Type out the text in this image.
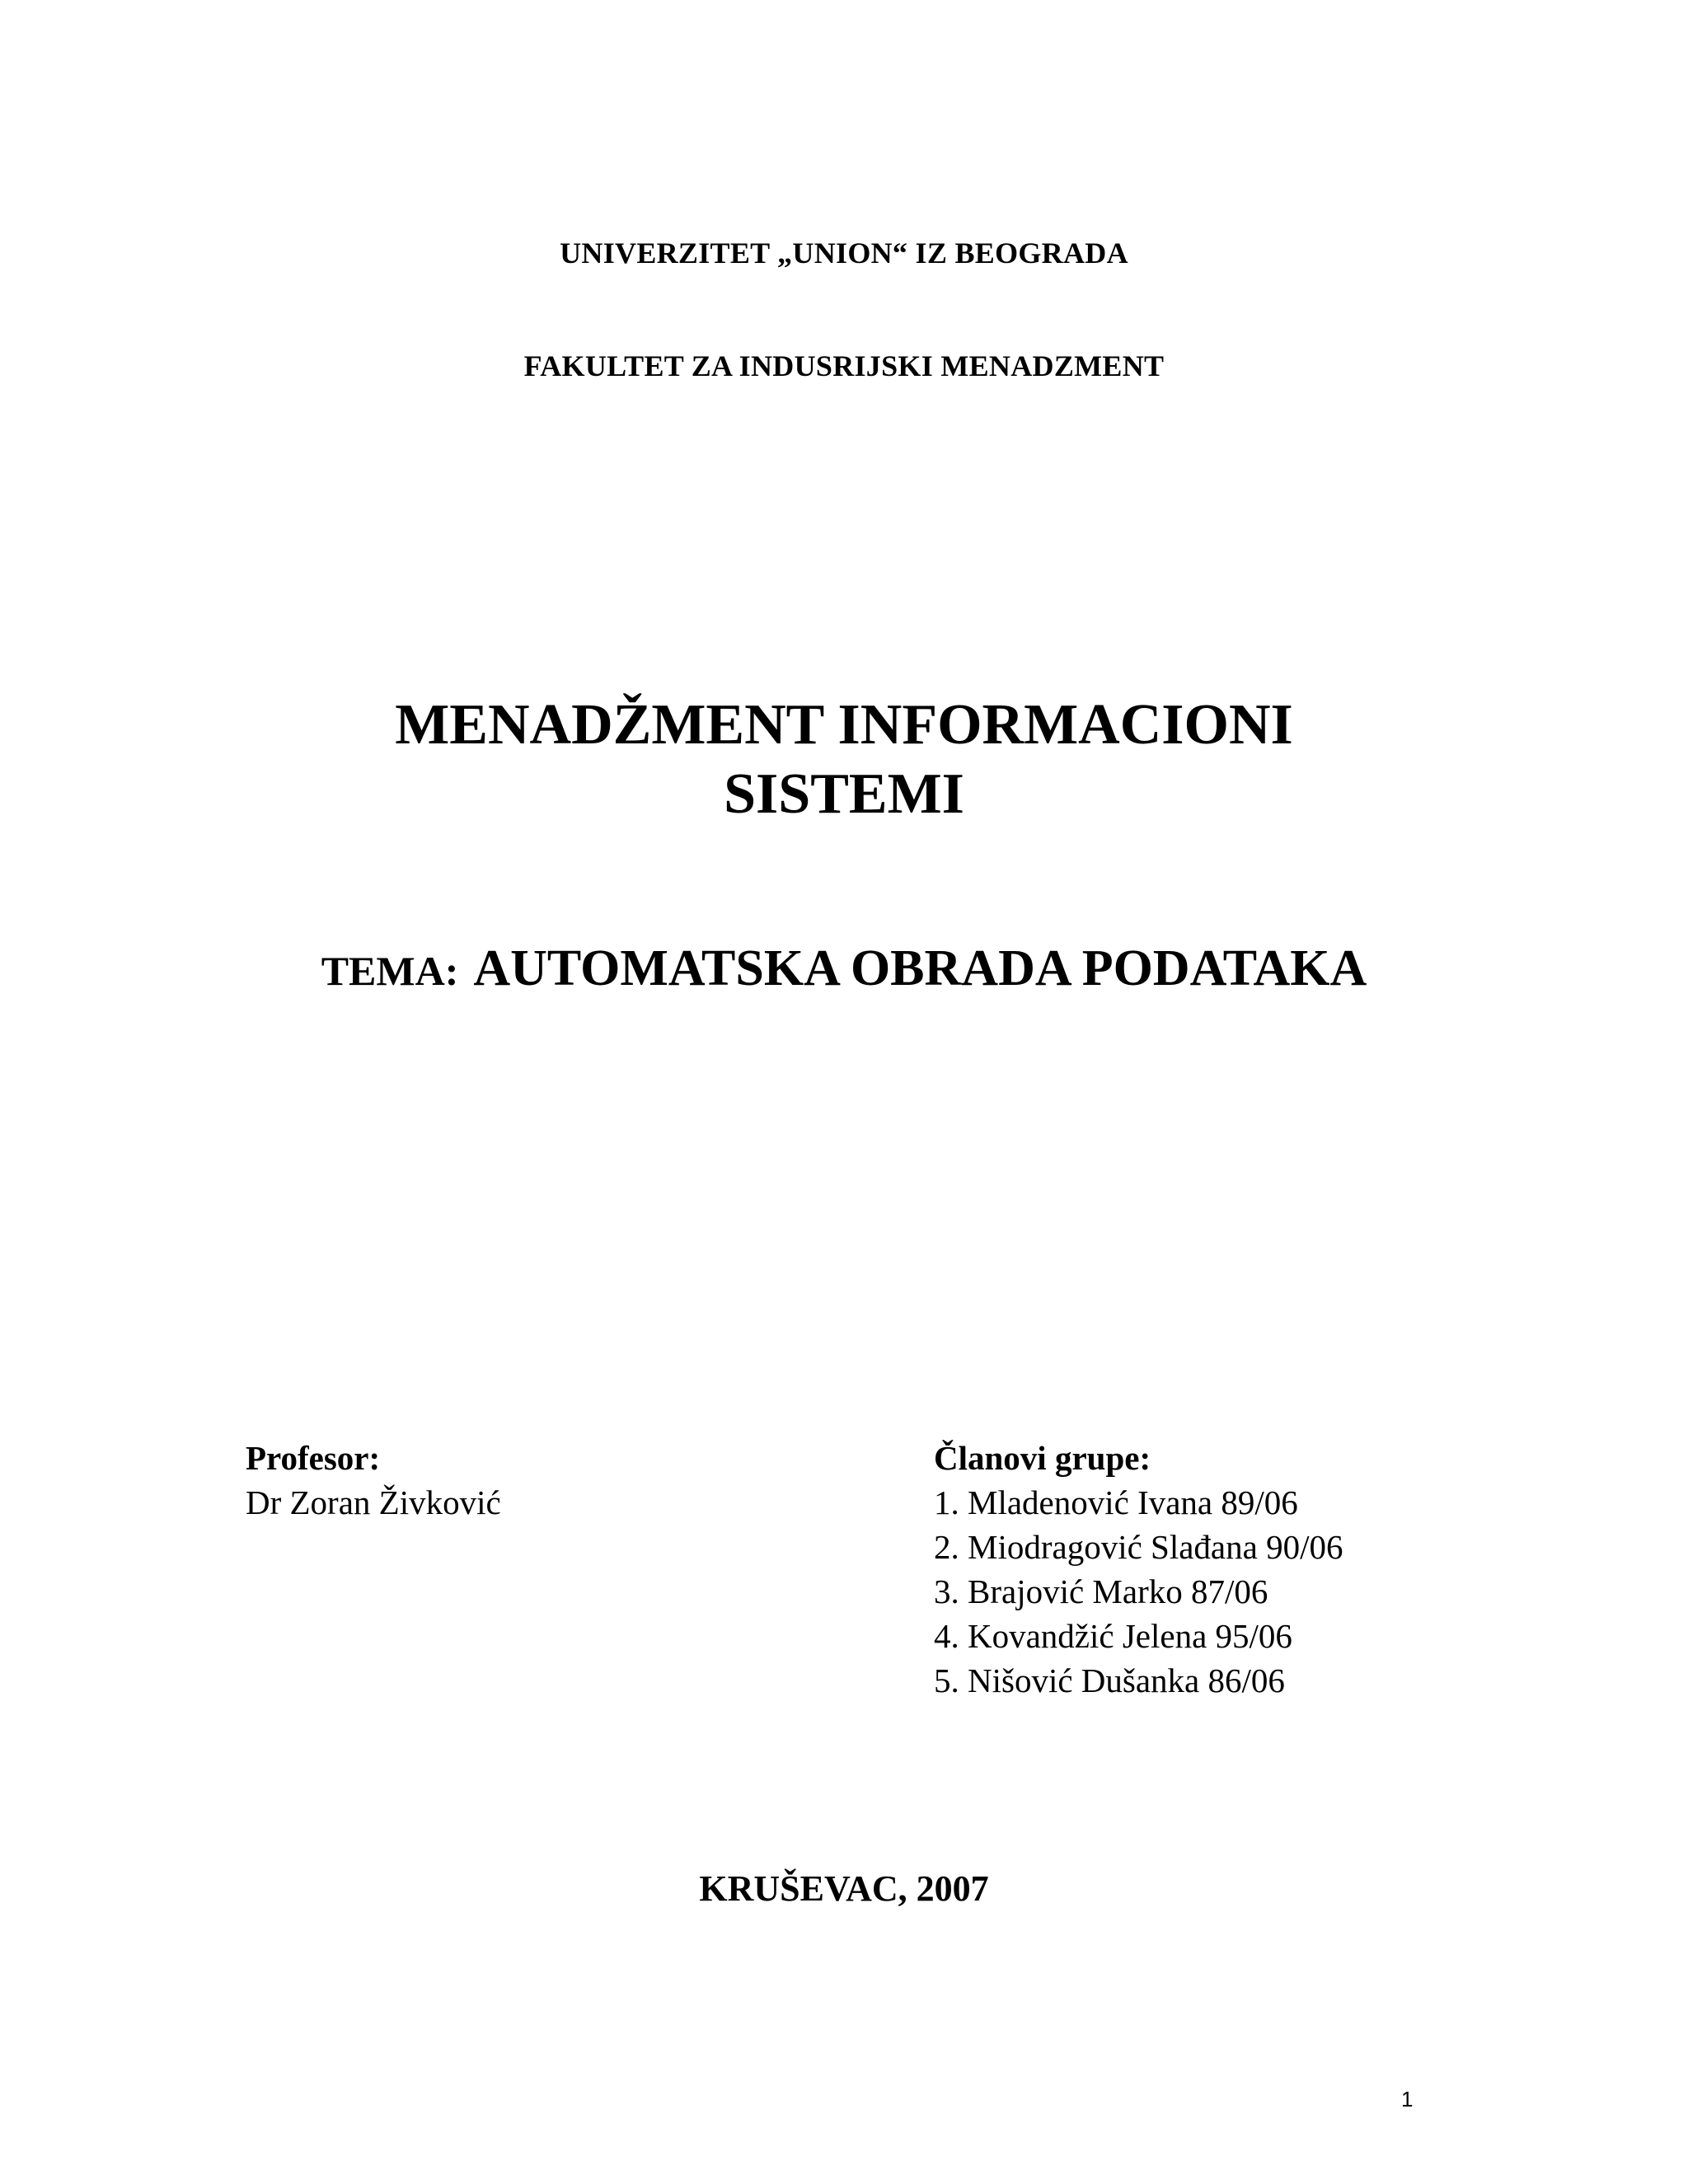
UNIVERZITET „UNION“ IZ BEOGRADA
FAKULTET ZA INDUSRIJSKI MENADZMENT
MENADŽMENT INFORMACIONI
SISTEMI
TEMA: AUTOMATSKA OBRADA PODATAKA
Profesor:
Dr Zoran Živković
Članovi grupe:
1. Mladenović Ivana 89/06
2. Miodragović Slađana 90/06
3. Brajović Marko 87/06
4. Kovandžić Jelena 95/06
5. Nišović Dušanka 86/06
KRUŠEVAC, 2007
1
